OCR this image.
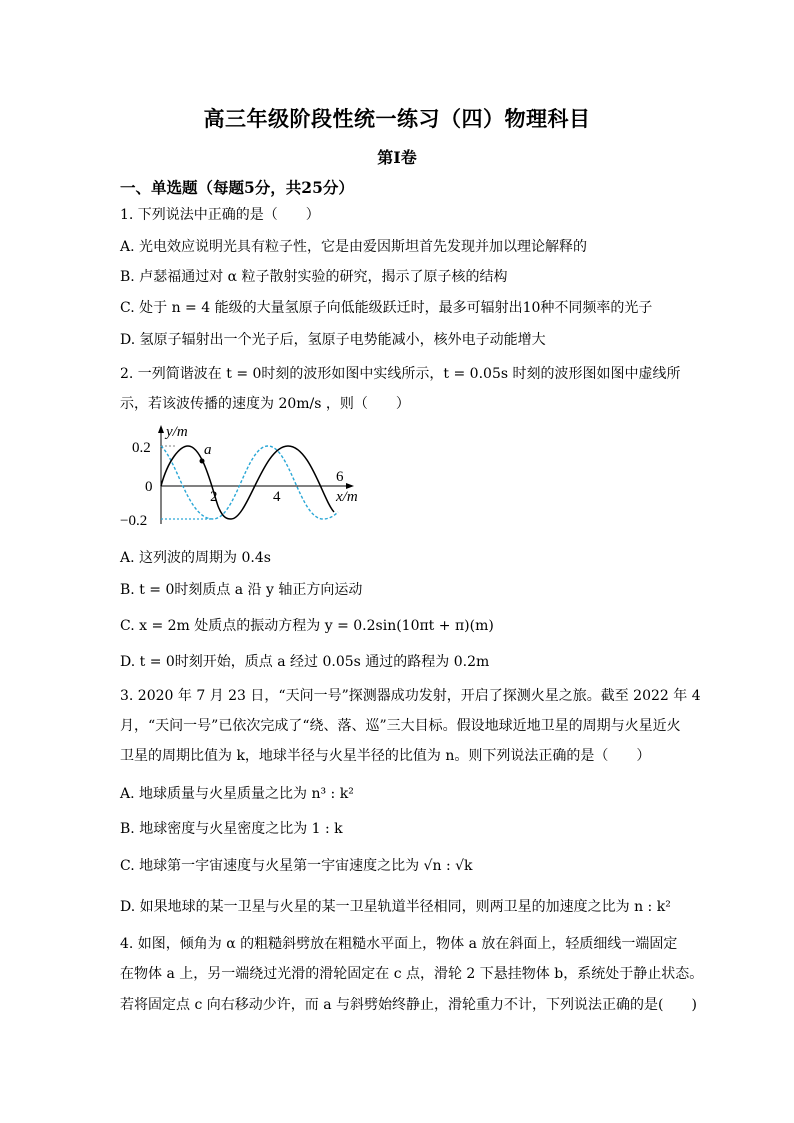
高三年级阶段性统一练习（四）物理科目
第I卷
一、单选题（每题5分，共25分）
1. 下列说法中正确的是（　　）
A. 光电效应说明光具有粒子性，它是由爱因斯坦首先发现并加以理论解释的
B. 卢瑟福通过对 α 粒子散射实验的研究，揭示了原子核的结构
C. 处于 n = 4 能级的大量氢原子向低能级跃迁时，最多可辐射出10种不同频率的光子
D. 氢原子辐射出一个光子后，氢原子电势能减小，核外电子动能增大
2. 一列简谐波在 t = 0时刻的波形如图中实线所示，t = 0.05s 时刻的波形图如图中虚线所
示，若该波传播的速度为 20m/s ，则（　　）
a
y/m
x/m
0.2
0
−0.2
2	4
6
A. 这列波的周期为 0.4s
B. t = 0时刻质点 a 沿 y 轴正方向运动
C. x = 2m 处质点的振动方程为 y = 0.2sin(10πt + π)(m)
D. t = 0时刻开始，质点 a 经过 0.05s 通过的路程为 0.2m
3. 2020 年 7 月 23 日，“天问一号”探测器成功发射，开启了探测火星之旅。截至 2022 年 4
月，“天问一号”已依次完成了“绕、落、巡”三大目标。假设地球近地卫星的周期与火星近火
卫星的周期比值为 k，地球半径与火星半径的比值为 n。则下列说法正确的是（　　）
A. 地球质量与火星质量之比为 n³ : k²
B. 地球密度与火星密度之比为 1 : k
C. 地球第一宇宙速度与火星第一宇宙速度之比为 √n : √k
D. 如果地球的某一卫星与火星的某一卫星轨道半径相同，则两卫星的加速度之比为 n : k²
4. 如图，倾角为 α 的粗糙斜劈放在粗糙水平面上，物体 a 放在斜面上，轻质细线一端固定
在物体 a 上，另一端绕过光滑的滑轮固定在 c 点，滑轮 2 下悬挂物体 b，系统处于静止状态。
若将固定点 c 向右移动少许，而 a 与斜劈始终静止，滑轮重力不计，下列说法正确的是(　　)
